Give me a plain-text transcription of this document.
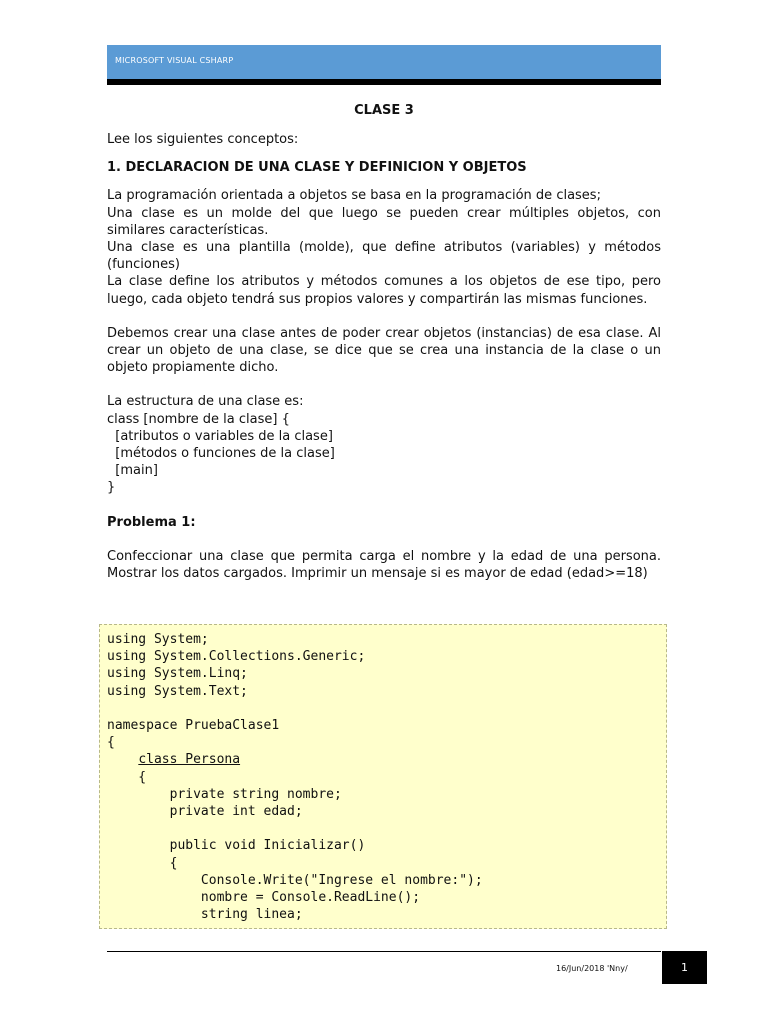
MICROSOFT VISUAL CSHARP
CLASE 3

Lee los siguientes conceptos:

1. DECLARACION DE UNA CLASE Y DEFINICION Y OBJETOS

La programación orientada a objetos se basa en la programación de clases;

Una clase es un molde del que luego se pueden crear múltiples objetos, con similares características.

Una clase es una plantilla (molde), que define atributos (variables) y métodos (funciones)

La clase define los atributos y métodos comunes a los objetos de ese tipo, pero luego, cada objeto tendrá sus propios valores y compartirán las mismas funciones.

Debemos crear una clase antes de poder crear objetos (instancias) de esa clase. Al crear un objeto de una clase, se dice que se crea una instancia de la clase o un objeto propiamente dicho.

La estructura de una clase es:

class [nombre de la clase] {

[atributos o variables de la clase]

[métodos o funciones de la clase]

[main]

}

Problema 1:

Confeccionar una clase que permita carga el nombre y la edad de una persona. Mostrar los datos cargados. Imprimir un mensaje si es mayor de edad (edad>=18)

using System;
using System.Collections.Generic;
using System.Linq;
using System.Text;

namespace PruebaClase1
{
class Persona
{
private string nombre;
private int edad;

public void Inicializar()
{
Console.Write("Ingrese el nombre:");
nombre = Console.ReadLine();
string linea;
16/Jun/2018 'Nny/	1
